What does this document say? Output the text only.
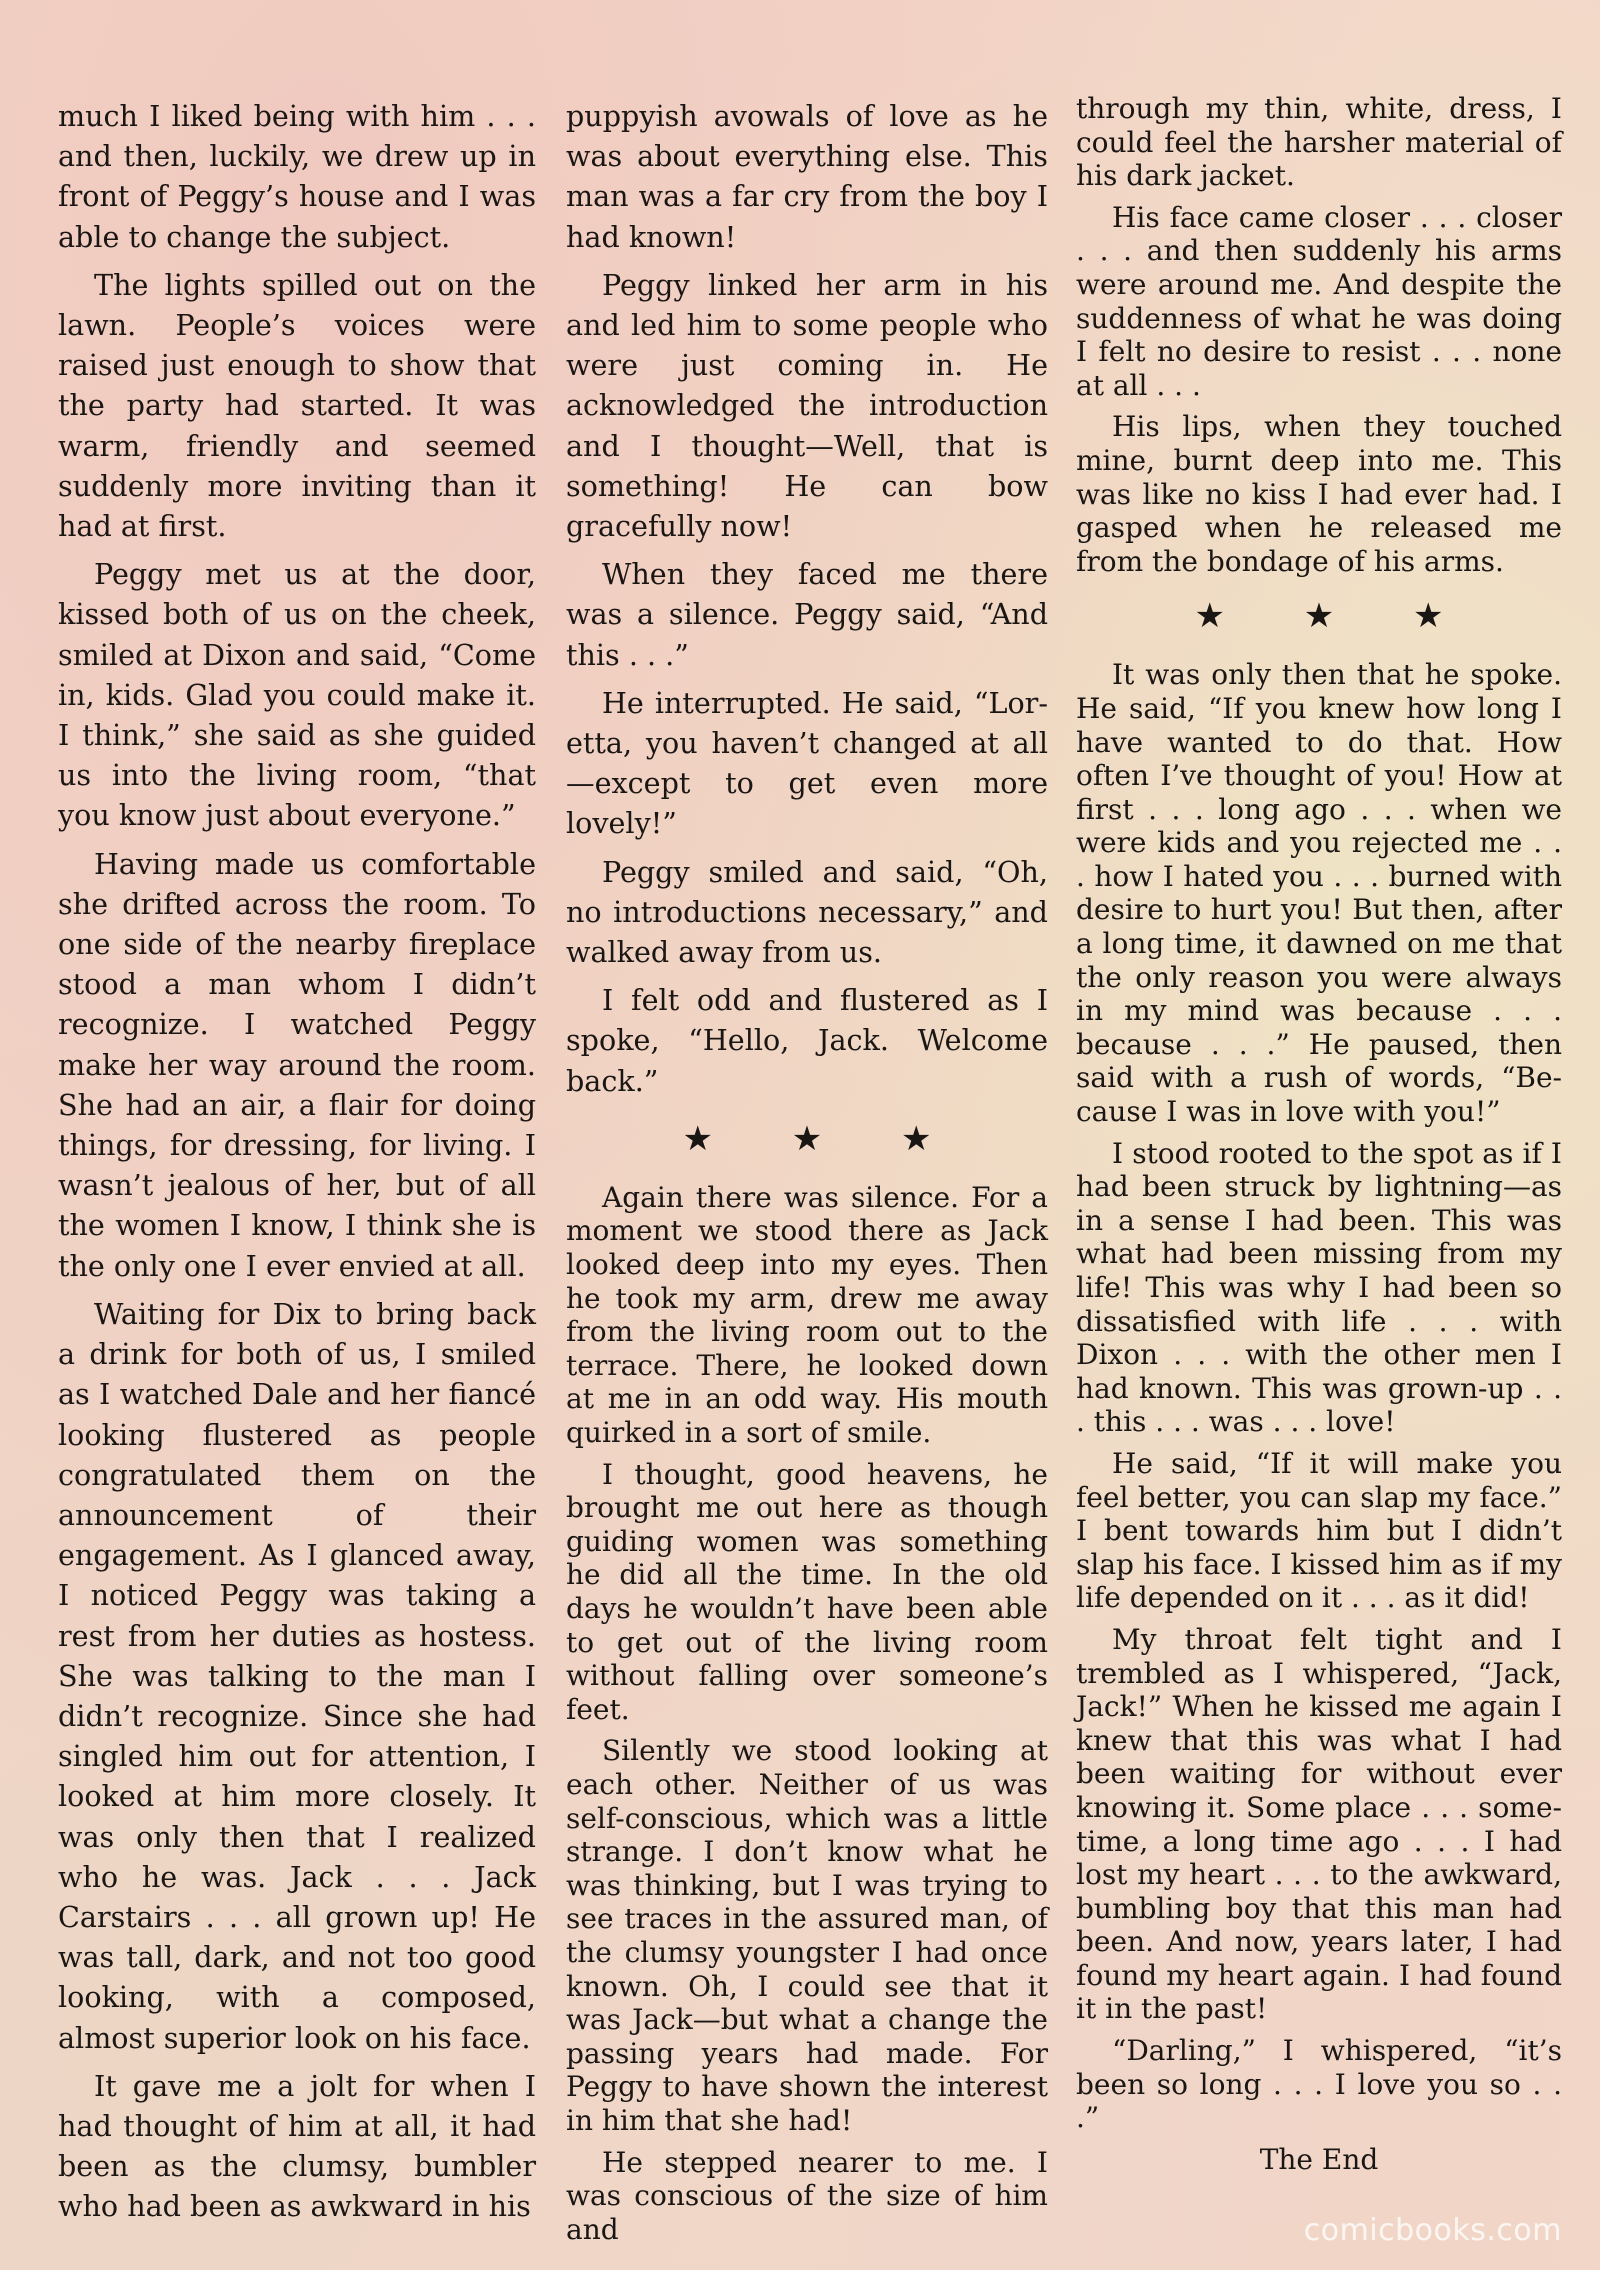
much I liked being with him . . . and then, luckily, we drew up in front of Peggy’s house and I was able to change the subject.

The lights spilled out on the lawn. People’s voices were raised just enough to show that the party had started. It was warm, friendly and seemed suddenly more inviting than it had at first.

Peggy met us at the door, kissed both of us on the cheek, smiled at Dixon and said, “Come in, kids. Glad you could make it. I think,” she said as she guided us into the living room, “that you know just about everyone.”

Having made us comfortable she drifted across the room. To one side of the nearby fireplace stood a man whom I didn’t recognize. I watched Peggy make her way around the room. She had an air, a flair for doing things, for dressing, for living. I wasn’t jealous of her, but of all the women I know, I think she is the only one I ever envied at all.

Waiting for Dix to bring back a drink for both of us, I smiled as I watched Dale and her fiancé looking flustered as people congratulated them on the announcement of their engagement. As I glanced away, I noticed Peggy was taking a rest from her duties as hostess. She was talking to the man I didn’t recognize. Since she had singled him out for attention, I looked at him more closely. It was only then that I realized who he was. Jack . . . Jack Carstairs . . . all grown up! He was tall, dark, and not too good looking, with a composed, almost superior look on his face.

It gave me a jolt for when I had thought of him at all, it had been as the clumsy, bumbler who had been as awkward in his

puppyish avowals of love as he was about everything else. This man was a far cry from the boy I had known!

Peggy linked her arm in his and led him to some people who were just coming in. He acknowledged the introduction and I thought—Well, that is something! He can bow gracefully now!

When they faced me there was a silence. Peggy said, “And this . . .”

He interrupted. He said, “Loretta, you haven’t changed at all—except to get even more lovely!”

Peggy smiled and said, “Oh, no introductions necessary,” and walked away from us.

I felt odd and flustered as I spoke, “Hello, Jack. Welcome back.”

★ ★ ★

Again there was silence. For a moment we stood there as Jack looked deep into my eyes. Then he took my arm, drew me away from the living room out to the terrace. There, he looked down at me in an odd way. His mouth quirked in a sort of smile.

I thought, good heavens, he brought me out here as though guiding women was something he did all the time. In the old days he wouldn’t have been able to get out of the living room without falling over someone’s feet.

Silently we stood looking at each other. Neither of us was self-conscious, which was a little strange. I don’t know what he was thinking, but I was trying to see traces in the assured man, of the clumsy youngster I had once known. Oh, I could see that it was Jack—but what a change the passing years had made. For Peggy to have shown the interest in him that she had!

He stepped nearer to me. I was conscious of the size of him and

through my thin, white, dress, I could feel the harsher material of his dark jacket.

His face came closer . . . closer . . . and then suddenly his arms were around me. And despite the suddenness of what he was doing I felt no desire to resist . . . none at all . . .

His lips, when they touched mine, burnt deep into me. This was like no kiss I had ever had. I gasped when he released me from the bondage of his arms.

★ ★ ★

It was only then that he spoke. He said, “If you knew how long I have wanted to do that. How often I’ve thought of you! How at first . . . long ago . . . when we were kids and you rejected me . . . how I hated you . . . burned with desire to hurt you! But then, after a long time, it dawned on me that the only reason you were always in my mind was because . . . because . . .” He paused, then said with a rush of words, “Because I was in love with you!”

I stood rooted to the spot as if I had been struck by lightning—as in a sense I had been. This was what had been missing from my life! This was why I had been so dissatisfied with life . . . with Dixon . . . with the other men I had known. This was grown-up . . . this . . . was . . . love!

He said, “If it will make you feel better, you can slap my face.” I bent towards him but I didn’t slap his face. I kissed him as if my life depended on it . . . as it did!

My throat felt tight and I trembled as I whispered, “Jack, Jack!” When he kissed me again I knew that this was what I had been waiting for without ever knowing it. Some place . . . sometime, a long time ago . . . I had lost my heart . . . to the awkward, bumbling boy that this man had been. And now, years later, I had found my heart again. I had found it in the past!

“Darling,” I whispered, “it’s been so long . . . I love you so . . .”

The End

comicbooks.com
